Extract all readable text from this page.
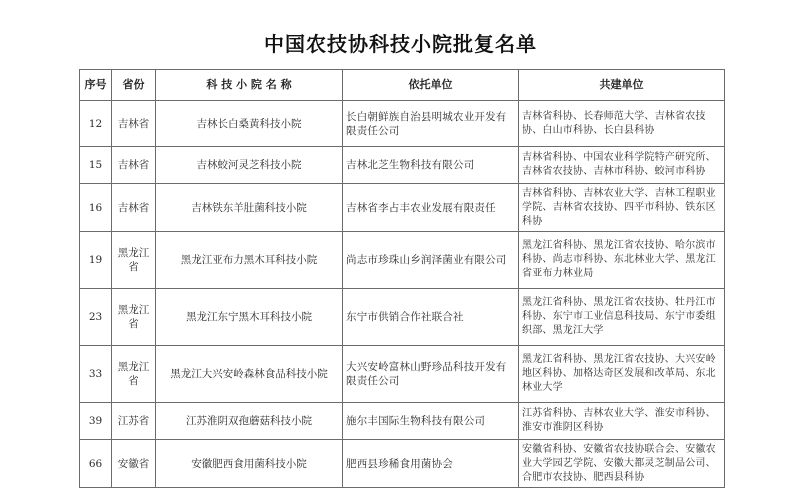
中国农技协科技小院批复名单
序号	省份	科 技 小 院 名 称	依托单位	共建单位
12	吉林省	吉林长白桑黄科技小院	长白朝鲜族自治县明城农业开发有限责任公司	吉林省科协、长春师范大学、吉林省农技协、白山市科协、长白县科协
15	吉林省	吉林蛟河灵芝科技小院	吉林北芝生物科技有限公司	吉林省科协、中国农业科学院特产研究所、吉林省农技协、吉林市科协、蛟河市科协
16	吉林省	吉林铁东羊肚菌科技小院	吉林省李占丰农业发展有限责任	吉林省科协、吉林农业大学、吉林工程职业学院、吉林省农技协、四平市科协、铁东区科协
19	黑龙江省	黑龙江亚布力黑木耳科技小院	尚志市珍珠山乡润泽菌业有限公司	黑龙江省科协、黑龙江省农技协、哈尔滨市科协、尚志市科协、东北林业大学、黑龙江省亚布力林业局
23	黑龙江省	黑龙江东宁黑木耳科技小院	东宁市供销合作社联合社	黑龙江省科协、黑龙江省农技协、牡丹江市科协、东宁市工业信息科技局、东宁市委组织部、黑龙江大学
33	黑龙江省	黑龙江大兴安岭森林食品科技小院	大兴安岭富林山野珍品科技开发有限责任公司	黑龙江省科协、黑龙江省农技协、大兴安岭地区科协、加格达奇区发展和改革局、东北林业大学
39	江苏省	江苏淮阴双孢蘑菇科技小院	施尔丰国际生物科技有限公司	江苏省科协、吉林农业大学、淮安市科协、淮安市淮阴区科协
66	安徽省	安徽肥西食用菌科技小院	肥西县珍稀食用菌协会	安徽省科协、安徽省农技协联合会、安徽农业大学园艺学院、安徽大都灵芝制品公司、合肥市农技协、肥西县科协
